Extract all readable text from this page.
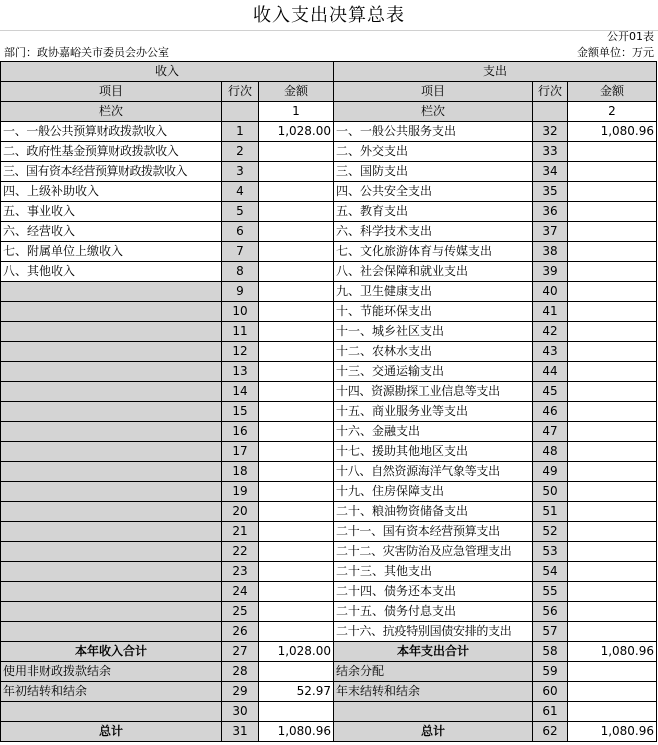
收入支出决算总表
公开01表
部门：政协嘉峪关市委员会办公室	金额单位：万元
收入			支出		
项目	行次	金额	项目	行次	金额
栏次		1	栏次		2
一、一般公共预算财政拨款收入	1	1,028.00	一、一般公共服务支出	32	1,080.96
二、政府性基金预算财政拨款收入	2		二、外交支出	33	
三、国有资本经营预算财政拨款收入	3		三、国防支出	34	
四、上级补助收入	4		四、公共安全支出	35	
五、事业收入	5		五、教育支出	36	
六、经营收入	6		六、科学技术支出	37	
七、附属单位上缴收入	7		七、文化旅游体育与传媒支出	38	
八、其他收入	8		八、社会保障和就业支出	39	
	9		九、卫生健康支出	40	
	10		十、节能环保支出	41	
	11		十一、城乡社区支出	42	
	12		十二、农林水支出	43	
	13		十三、交通运输支出	44	
	14		十四、资源勘探工业信息等支出	45	
	15		十五、商业服务业等支出	46	
	16		十六、金融支出	47	
	17		十七、援助其他地区支出	48	
	18		十八、自然资源海洋气象等支出	49	
	19		十九、住房保障支出	50	
	20		二十、粮油物资储备支出	51	
	21		二十一、国有资本经营预算支出	52	
	22		二十二、灾害防治及应急管理支出	53	
	23		二十三、其他支出	54	
	24		二十四、债务还本支出	55	
	25		二十五、债务付息支出	56	
	26		二十六、抗疫特别国债安排的支出	57	
本年收入合计	27	1,028.00	本年支出合计	58	1,080.96
使用非财政拨款结余	28		结余分配	59	
年初结转和结余	29	52.97	年末结转和结余	60	
	30			61	
总计	31	1,080.96	总计	62	1,080.96
